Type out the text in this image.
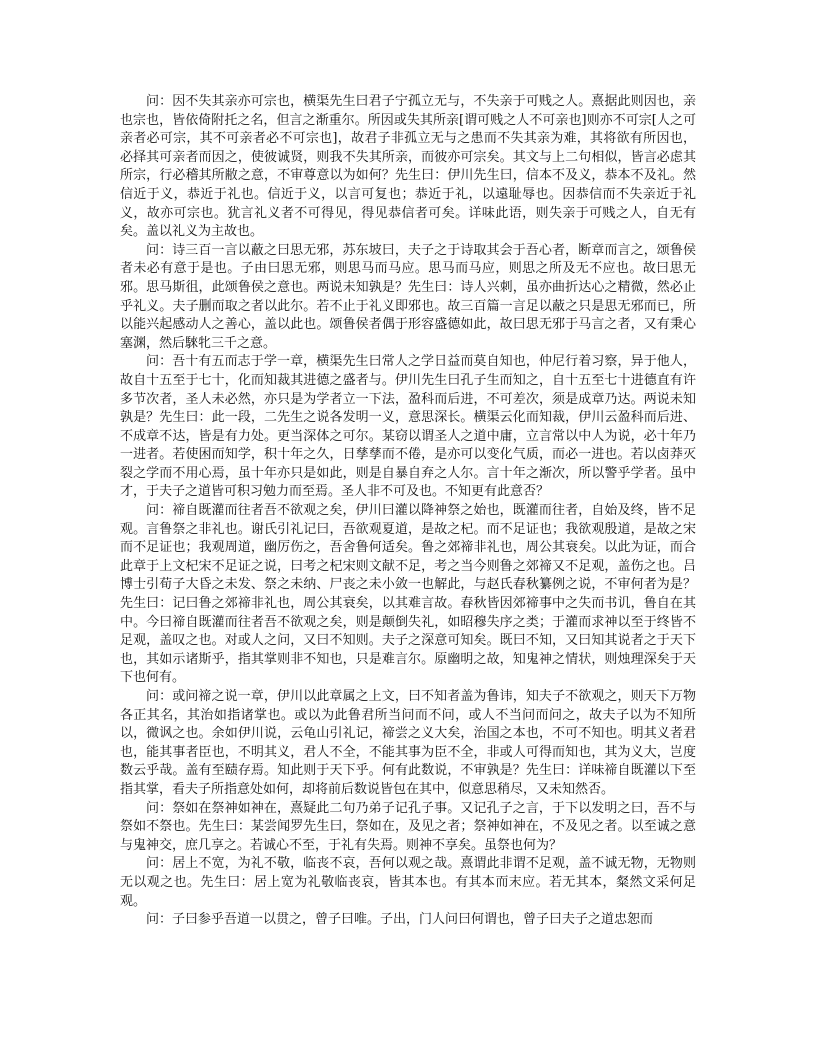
问：因不失其亲亦可宗也，横渠先生曰君子宁孤立无与，不失亲于可贱之人。熹据此则因也，亲也宗也，皆依倚附托之名，但言之渐重尔。所因或失其所亲[谓可贱之人不可亲也]则亦不可宗[人之可亲者必可宗，其不可亲者必不可宗也]，故君子非孤立无与之患而不失其亲为难，其将欲有所因也，必择其可亲者而因之，使彼诚贤，则我不失其所亲，而彼亦可宗矣。其文与上二句相似，皆言必虑其所宗，行必稽其所敝之意，不审尊意以为如何？先生曰：伊川先生曰，信本不及义，恭本不及礼。然信近于义，恭近于礼也。信近于义，以言可复也；恭近于礼，以遠耻辱也。因恭信而不失亲近于礼义，故亦可宗也。犹言礼义者不可得见，得见恭信者可矣。详味此语，则失亲于可贱之人，自无有矣。盖以礼义为主故也。

问：诗三百一言以蔽之曰思无邪，苏东坡曰，夫子之于诗取其会于吾心者，断章而言之，颂鲁侯者未必有意于是也。子由曰思无邪，则思马而马应。思马而马应，则思之所及无不应也。故曰思无邪。思马斯徂，此颂鲁侯之意也。两说未知孰是？先生曰：诗人兴刺，虽亦曲折达心之精微，然必止乎礼义。夫子删而取之者以此尔。若不止于礼义即邪也。故三百篇一言足以蔽之只是思无邪而已，所以能兴起感动人之善心，盖以此也。颂鲁侯者偶于形容盛德如此，故曰思无邪于马言之者，又有秉心塞渊，然后騋牝三千之意。

问：吾十有五而志于学一章，横渠先生曰常人之学日益而莫自知也，仲尼行着习察，异于他人，故自十五至于七十，化而知裁其进德之盛者与。伊川先生曰孔子生而知之，自十五至七十进德直有许多节次者，圣人未必然，亦只是为学者立一下法，盈科而后进，不可差次，须是成章乃达。两说未知孰是？先生曰：此一段，二先生之说各发明一义，意思深长。横渠云化而知裁，伊川云盈科而后进、不成章不达，皆是有力处。更当深体之可尔。某窃以谓圣人之道中庸，立言常以中人为说，必十年乃一进者。若使困而知学，积十年之久，日孳孳而不倦，是亦可以变化气质，而必一进也。若以卤莽灭裂之学而不用心焉，虽十年亦只是如此，则是自暴自弃之人尔。言十年之渐次，所以警乎学者。虽中才，于夫子之道皆可积习勉力而至焉。圣人非不可及也。不知更有此意否？

问：禘自既灌而往者吾不欲观之矣，伊川曰灌以降神祭之始也，既灌而往者，自始及终，皆不足观。言鲁祭之非礼也。谢氏引礼记曰，吾欲观夏道，是故之杞。而不足证也；我欲观殷道，是故之宋而不足证也；我观周道，幽厉伤之，吾舍鲁何适矣。鲁之郊禘非礼也，周公其衰矣。以此为证，而合此章于上文杞宋不足证之说，曰考之杞宋则文献不足，考之当今则鲁之郊禘又不足观，盖伤之也。吕博士引荀子大昏之未发、祭之未纳、尸丧之未小敛一也解此，与赵氏春秋纂例之说，不审何者为是？先生曰：记曰鲁之郊禘非礼也，周公其衰矣，以其难言故。春秋皆因郊禘事中之失而书讥，鲁自在其中。今曰禘自既灌而往者吾不欲观之矣，则是颠倒失礼，如昭穆失序之类；于灌而求神以至于终皆不足观，盖叹之也。对或人之问，又曰不知则。夫子之深意可知矣。既曰不知，又曰知其说者之于天下也，其如示诸斯乎，指其掌则非不知也，只是难言尔。原幽明之故，知鬼神之情状，则烛理深矣于天下也何有。

问：或问禘之说一章，伊川以此章属之上文，曰不知者盖为鲁讳，知夫子不欲观之，则天下万物各正其名，其治如指诸掌也。或以为此鲁君所当问而不问，或人不当问而问之，故夫子以为不知所以，微讽之也。余如伊川说，云龟山引礼记，禘尝之义大矣，治国之本也，不可不知也。明其义者君也，能其事者臣也，不明其义，君人不全，不能其事为臣不全，非或人可得而知也，其为义大，岂度数云乎哉。盖有至赜存焉。知此则于天下乎。何有此数说，不审孰是？先生曰：详味禘自既灌以下至指其掌，看夫子所指意处如何，却将前后数说皆包在其中，似意思稍尽，又未知然否。

问：祭如在祭神如神在，熹疑此二句乃弟子记孔子事。又记孔子之言，于下以发明之曰，吾不与祭如不祭也。先生曰：某尝闻罗先生曰，祭如在，及见之者；祭神如神在，不及见之者。以至诚之意与鬼神交，庶几享之。若诚心不至，于礼有失焉。则神不享矣。虽祭也何为？

问：居上不宽，为礼不敬，临丧不哀，吾何以观之哉。熹谓此非谓不足观，盖不诚无物，无物则无以观之也。先生曰：居上宽为礼敬临丧哀，皆其本也。有其本而末应。若无其本，粲然文采何足观。

问：子曰参乎吾道一以贯之，曾子曰唯。子出，门人问曰何谓也，曾子曰夫子之道忠恕而
